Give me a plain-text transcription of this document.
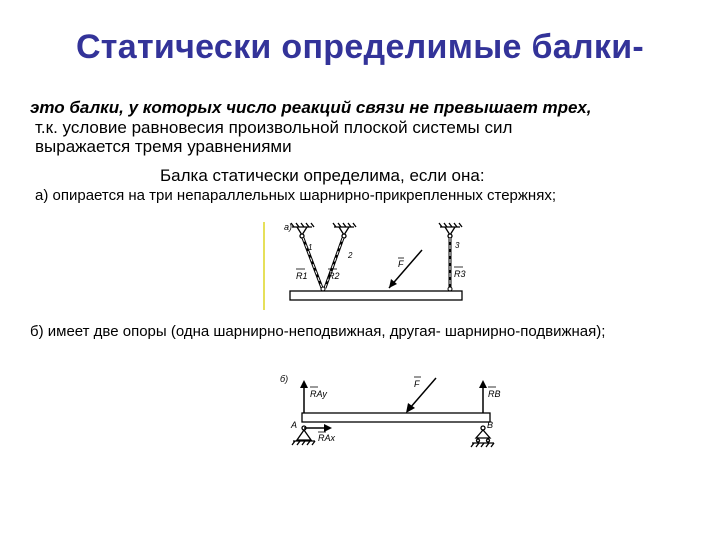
Статически определимые балки-
это балки, у которых число реакций связи не превышает трех,
т.к. условие равновесия произвольной плоской системы сил
выражается тремя уравнениями
Балка статически определима, если она:
а) опирается на три непараллельных шарнирно-прикрепленных стержнях;
а)
F
1
2
3
R1 R2	R3
б) имеет две опоры (одна шарнирно-неподвижная, другая- шарнирно-подвижная);
б)
A	B
RAy
RAx
RB
F
